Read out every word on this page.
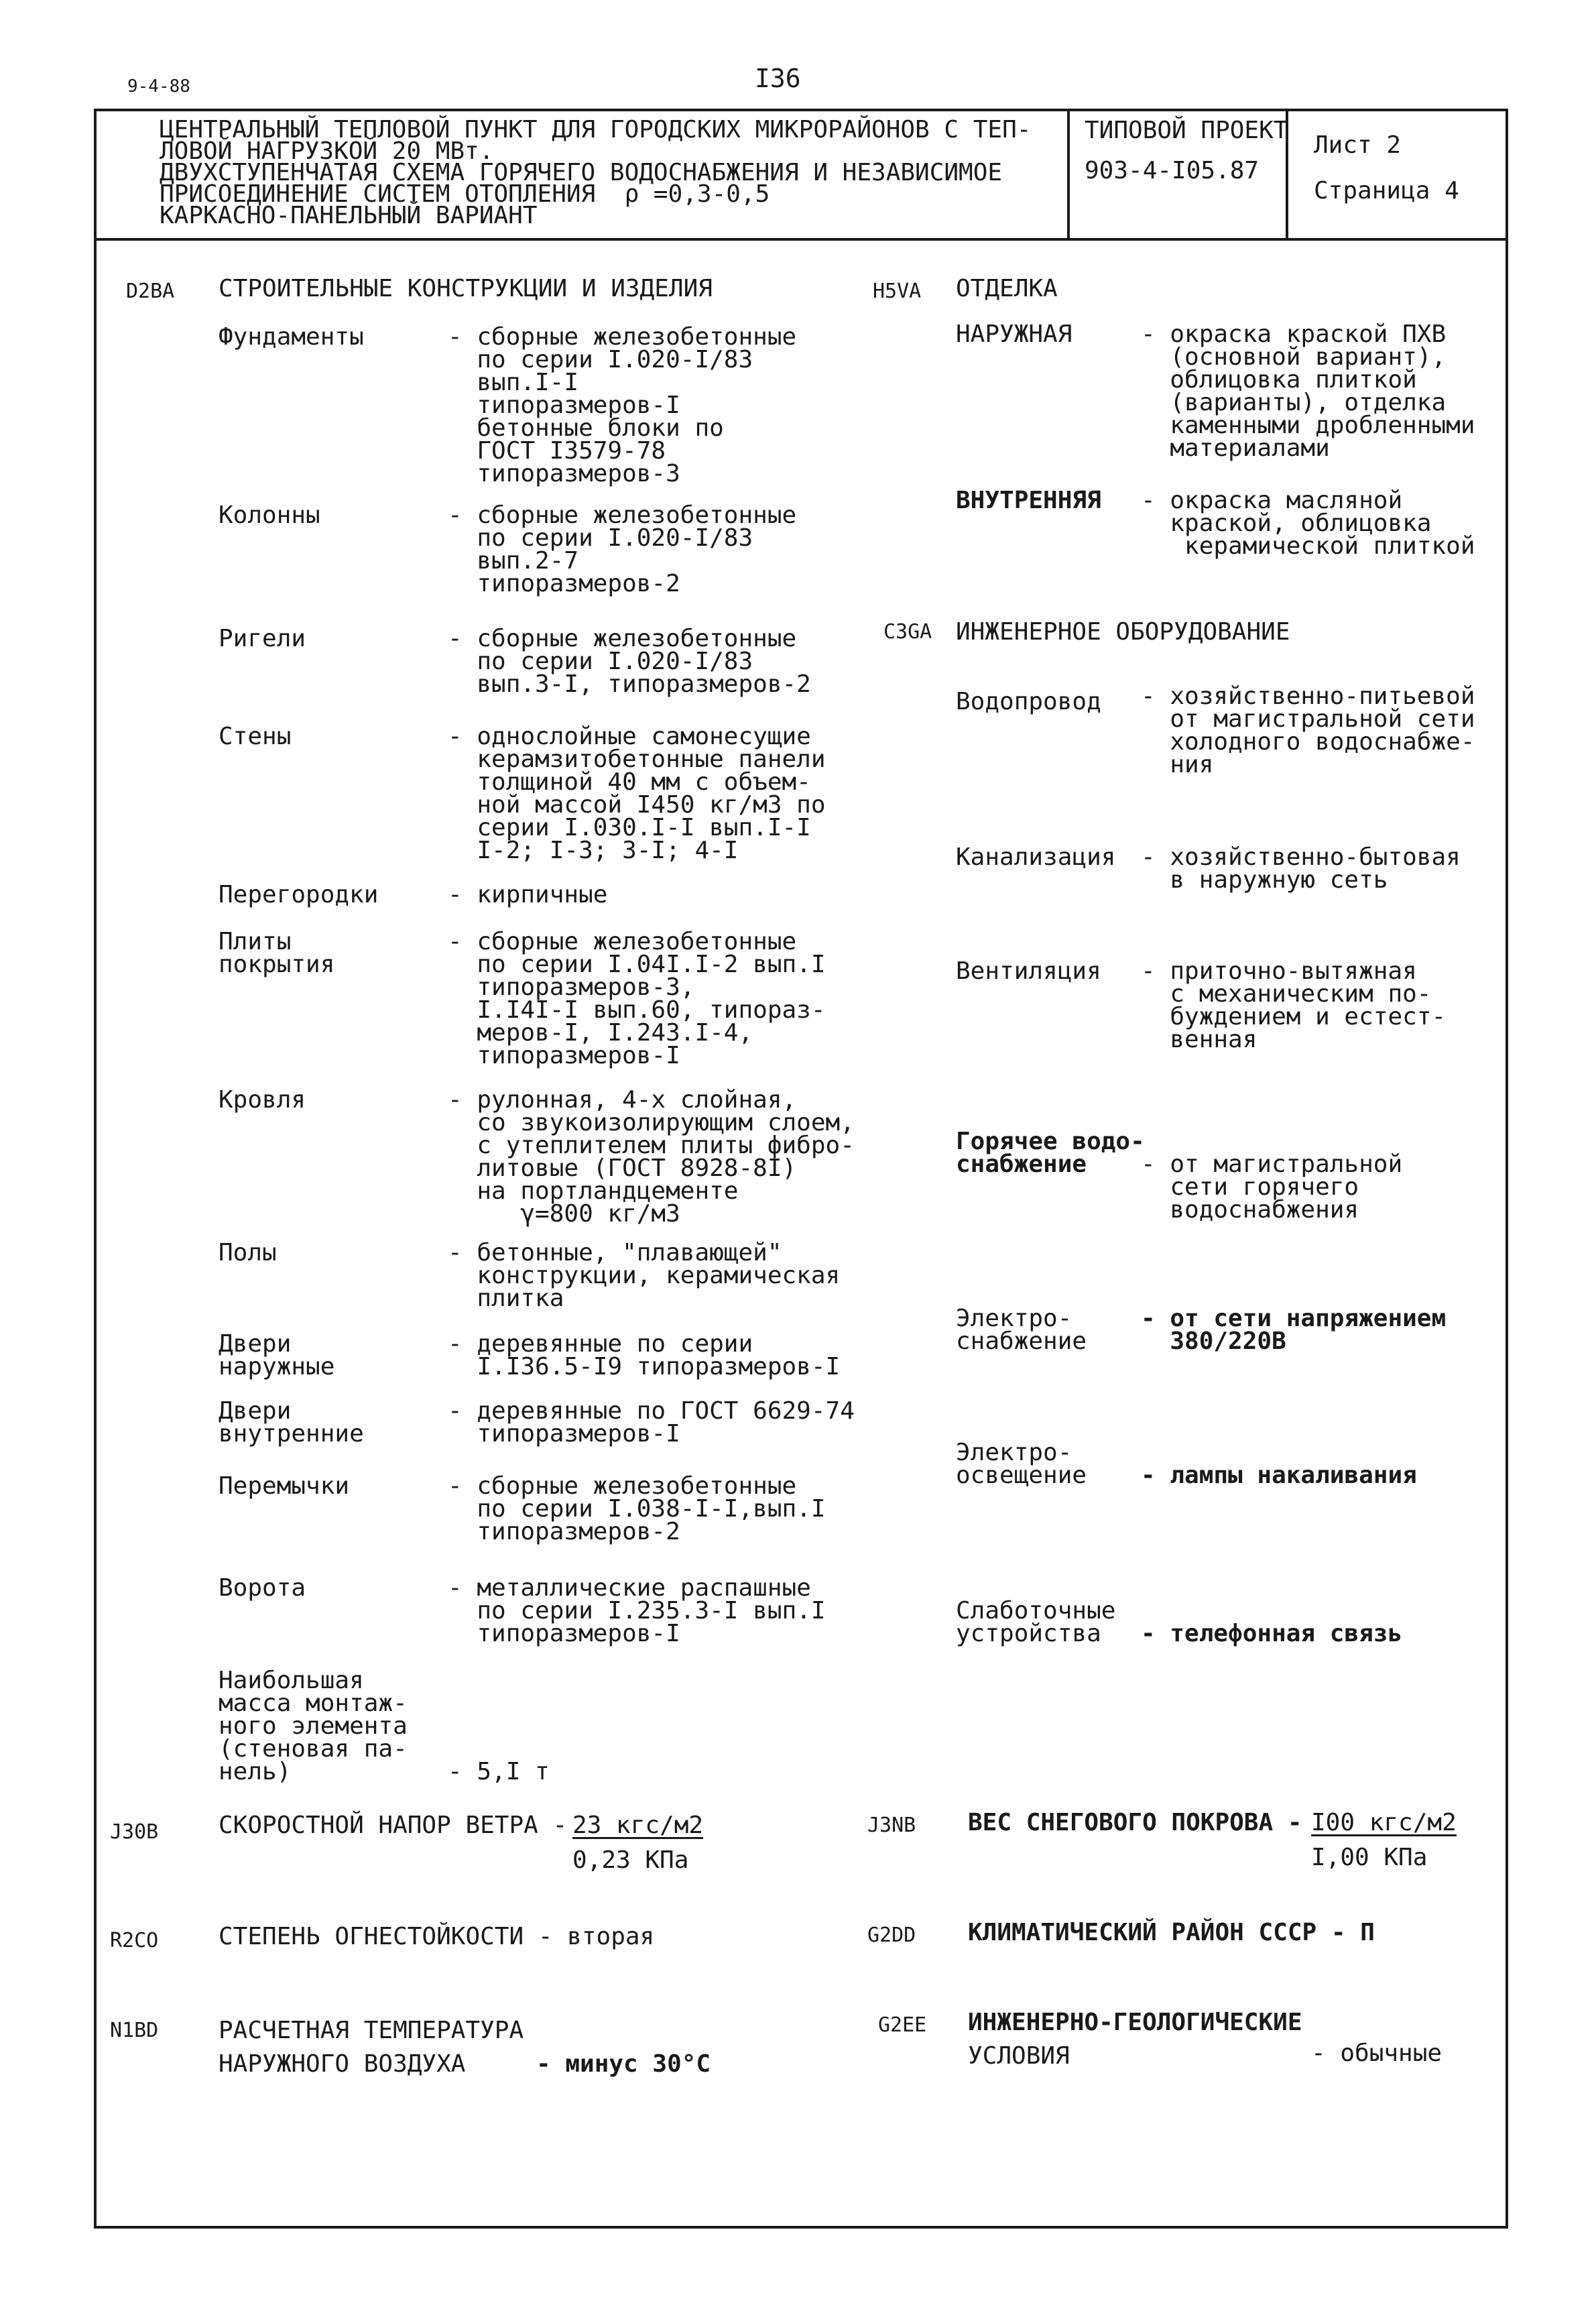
9-4-88	I36
ЦЕНТРАЛЬНЫЙ ТЕПЛОВОЙ ПУНКТ ДЛЯ ГОРОДСКИХ МИКРОРАЙОНОВ С ТЕП-
ЛОВОЙ НАГРУЗКОЙ 20 МВт.
ДВУХСТУПЕНЧАТАЯ СХЕМА ГОРЯЧЕГО ВОДОСНАБЖЕНИЯ И НЕЗАВИСИМОЕ
ПРИСОЕДИНЕНИЕ СИСТЕМ ОТОПЛЕНИЯ  ρ =0,3-0,5
КАРКАСНО-ПАНЕЛЬНЫЙ ВАРИАНТ
ТИПОВОЙ ПРОЕКТ
903-4-I05.87
Лист 2
Страница 4
D2BA СТРОИТЕЛЬНЫЕ КОНСТРУКЦИИ И ИЗДЕЛИЯ
Фундаменты	- сборные железобетонные
по серии I.020-I/83
вып.I-I
типоразмеров-I
бетонные блоки по
ГОСТ I3579-78
типоразмеров-3
Колонны	- сборные железобетонные
по серии I.020-I/83
вып.2-7
типоразмеров-2
Ригели	- сборные железобетонные
по серии I.020-I/83
вып.3-I, типоразмеров-2
Стены	- однослойные самонесущие
керамзитобетонные панели
толщиной 40 мм с объем-
ной массой I450 кг/м3 по
серии I.030.I-I вып.I-I
I-2; I-3; 3-I; 4-I
Перегородки	- кирпичные
Плиты
покрытия
- сборные железобетонные
по серии I.04I.I-2 вып.I
типоразмеров-3,
I.I4I-I вып.60, типораз-
меров-I, I.243.I-4,
типоразмеров-I
Кровля	- рулонная, 4-х слойная,
со звукоизолирующим слоем,
с утеплителем плиты фибро-
литовые (ГОСТ 8928-8I)
на портландцементе
γ=800 кг/м3
Полы	- бетонные, "плавающей"
конструкции, керамическая
плитка
Двери
наружные
- деревянные по серии
I.I36.5-I9 типоразмеров-I
Двери
внутренние
- деревянные по ГОСТ 6629-74
типоразмеров-I
Перемычки	- сборные железобетонные
по серии I.038-I-I,вып.I
типоразмеров-2
Ворота	- металлические распашные
по серии I.235.3-I вып.I
типоразмеров-I
Наибольшая
масса монтаж-
ного элемента
(стеновая па-
нель)	- 5,I т
H5VA ОТДЕЛКА
НАРУЖНАЯ	- окраска краской ПХВ
(основной вариант),
облицовка плиткой
(варианты), отделка
каменными дробленными
материалами
ВНУТРЕННЯЯ - окраска масляной
краской, облицовка
керамической плиткой
C3GA ИНЖЕНЕРНОЕ ОБОРУДОВАНИЕ
Водопровод - хозяйственно-питьевой
от магистральной сети
холодного водоснабже-
ния
Канализация - хозяйственно-бытовая
в наружную сеть
Вентиляция - приточно-вытяжная
с механическим по-
буждением и естест-
венная
Горячее водо-
снабжение	- от магистральной
сети горячего
водоснабжения
Электро-
снабжение
- от сети напряжением
380/220В
Электро-
освещение - лампы накаливания
Слаботочные
устройства	- телефонная связь
J30B СКОРОСТНОЙ НАПОР ВЕТРА - 23 кгс/м2
0,23 КПа
J3NB ВЕС СНЕГОВОГО ПОКРОВА - I00 кгс/м2
I,00 КПа
R2CO СТЕПЕНЬ ОГНЕСТОЙКОСТИ - вторая	G2DD КЛИМАТИЧЕСКИЙ РАЙОН СССР - П
N1BD РАСЧЕТНАЯ ТЕМПЕРАТУРА
НАРУЖНОГО ВОЗДУХА	- минус 30°С
G2EE ИНЖЕНЕРНО-ГЕОЛОГИЧЕСКИЕ
УСЛОВИЯ	- обычные
